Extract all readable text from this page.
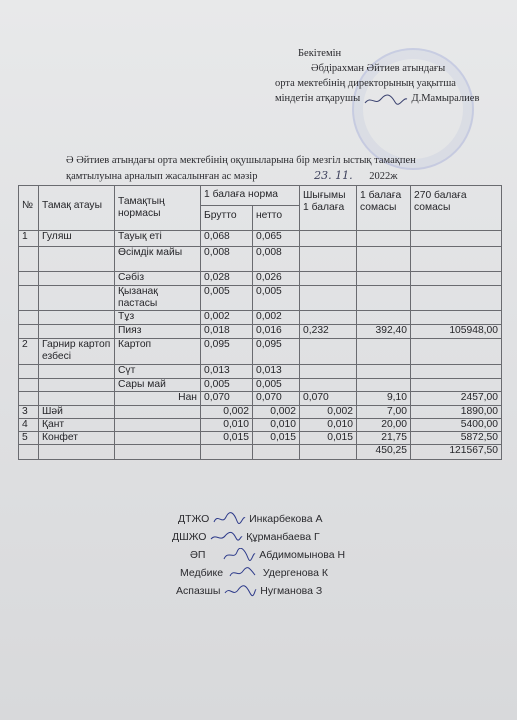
Бекітемін
Әбдірахман Әйтиев атындағы
орта мектебінің директорының уақытша
міндетін атқарушы	Д.Мамыралиев
Ә Әйтиев атындағы орта мектебінің оқушыларына бір мезгіл ыстық тамақпен
қамтылуына арналып жасалынған ас мәзір	23. 11. 2022ж
№	Тамақ атауы	Тамақтың нормасы	1 балаға норма		Шығымы 1 балаға	1 балаға сомасы	270 балаға сомасы
			Брутто	нетто			
1	Гуляш	Тауық еті	0,068	0,065			
		Өсімдік майы	0,008	0,008			
		Сәбіз	0,028	0,026			
		Қызанақ пастасы	0,005	0,005			
		Тұз	0,002	0,002			
		Пияз	0,018	0,016	0,232	392,40	105948,00
2	Гарнир картоп езбесі	Картоп	0,095	0,095			
		Сүт	0,013	0,013			
		Сары май	0,005	0,005			
		Нан	0,070	0,070	0,070	9,10	2457,00
3	Шәй		0,002	0,002	0,002	7,00	1890,00
4	Қант		0,010	0,010	0,010	20,00	5400,00
5	Конфет		0,015	0,015	0,015	21,75	5872,50
						450,25	121567,50
ДТЖО	Инкарбекова А
ДШЖО	Құрманбаева Г
ӘП	Абдимомынова Н
Медбике	Удергенова К
Аспазшы	Нугманова З
